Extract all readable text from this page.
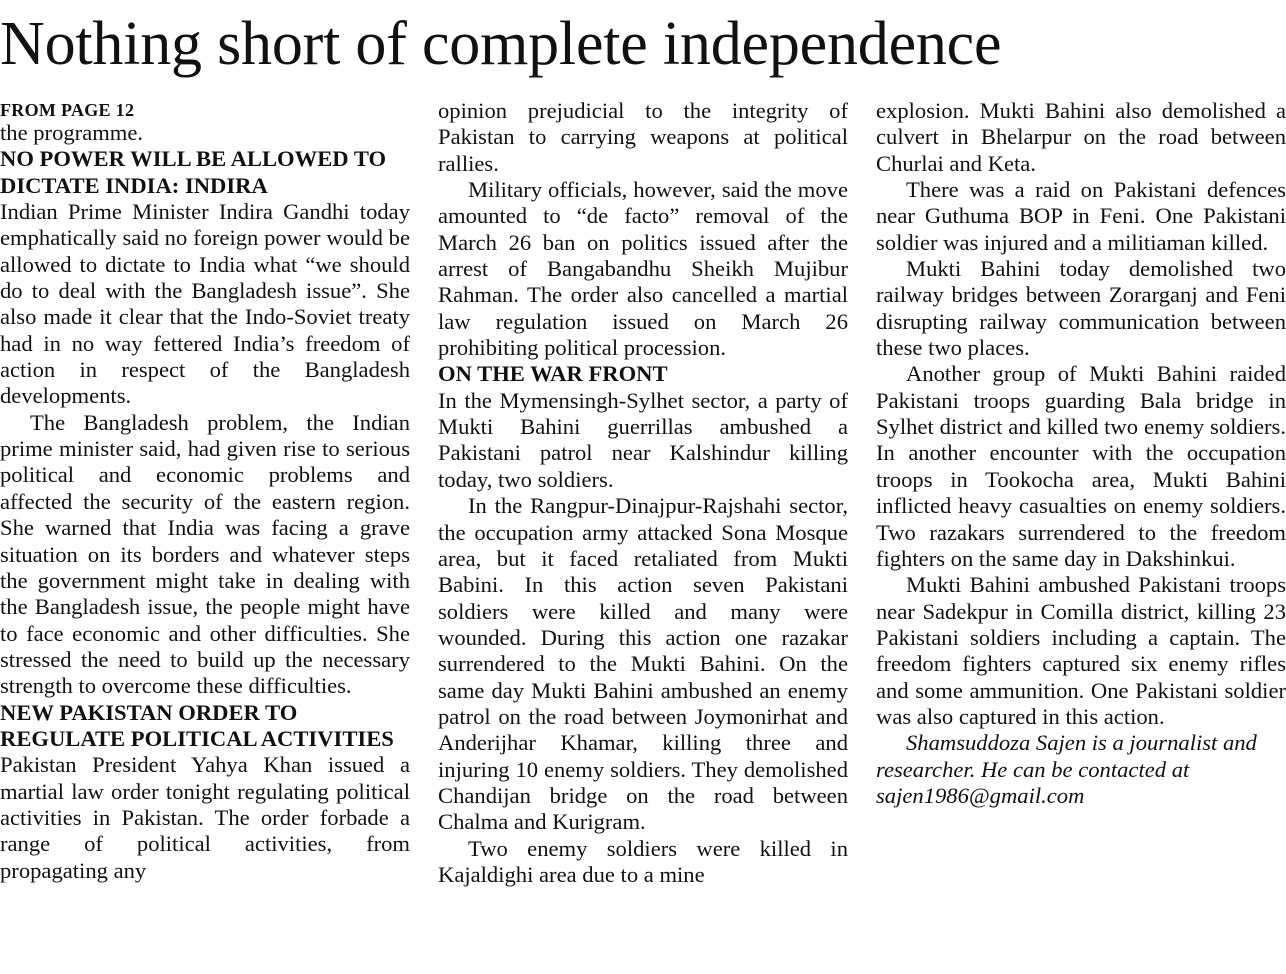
Nothing short of complete independence
FROM PAGE 12

the programme.

NO POWER WILL BE ALLOWED TO DICTATE INDIA: INDIRA

Indian Prime Minister Indira Gandhi today emphatically said no foreign power would be allowed to dictate to India what “we should do to deal with the Bangladesh issue”. She also made it clear that the Indo-Soviet treaty had in no way fettered India’s freedom of action in respect of the Bangladesh developments.

The Bangladesh problem, the Indian prime minister said, had given rise to serious political and economic problems and affected the security of the eastern region. She warned that India was facing a grave situation on its borders and whatever steps the government might take in dealing with the Bangladesh issue, the people might have to face economic and other difficulties. She stressed the need to build up the necessary strength to overcome these difficulties.

NEW PAKISTAN ORDER TO REGULATE POLITICAL ACTIVITIES

Pakistan President Yahya Khan issued a martial law order tonight regulating political activities in Pakistan. The order forbade a range of political activities, from propagating any

opinion prejudicial to the integrity of Pakistan to carrying weapons at political rallies.

Military officials, however, said the move amounted to “de facto” removal of the March 26 ban on politics issued after the arrest of Bangabandhu Sheikh Mujibur Rahman. The order also cancelled a martial law regulation issued on March 26 prohibiting political procession.

ON THE WAR FRONT

In the Mymensingh-Sylhet sector, a party of Mukti Bahini guerrillas ambushed a Pakistani patrol near Kalshindur killing today, two soldiers.

In the Rangpur-Dinajpur-Rajshahi sector, the occupation army attacked Sona Mosque area, but it faced retaliated from Mukti Babini. In this action seven Pakistani soldiers were killed and many were wounded. During this action one razakar surrendered to the Mukti Bahini. On the same day Mukti Bahini ambushed an enemy patrol on the road between Joymonirhat and Anderijhar Khamar, killing three and injuring 10 enemy soldiers. They demolished Chandijan bridge on the road between Chalma and Kurigram.

Two enemy soldiers were killed in Kajaldighi area due to a mine

explosion. Mukti Bahini also demolished a culvert in Bhelarpur on the road between Churlai and Keta.

There was a raid on Pakistani defences near Guthuma BOP in Feni. One Pakistani soldier was injured and a militiaman killed.

Mukti Bahini today demolished two railway bridges between Zorarganj and Feni disrupting railway communication between these two places.

Another group of Mukti Bahini raided Pakistani troops guarding Bala bridge in Sylhet district and killed two enemy soldiers. In another encounter with the occupation troops in Tookocha area, Mukti Bahini inflicted heavy casualties on enemy soldiers. Two razakars surrendered to the freedom fighters on the same day in Dakshinkui.

Mukti Bahini ambushed Pakistani troops near Sadekpur in Comilla district, killing 23 Pakistani soldiers including a captain. The freedom fighters captured six enemy rifles and some ammunition. One Pakistani soldier was also captured in this action.

Shamsuddoza Sajen is a journalist and researcher. He can be contacted at sajen1986@gmail.com
